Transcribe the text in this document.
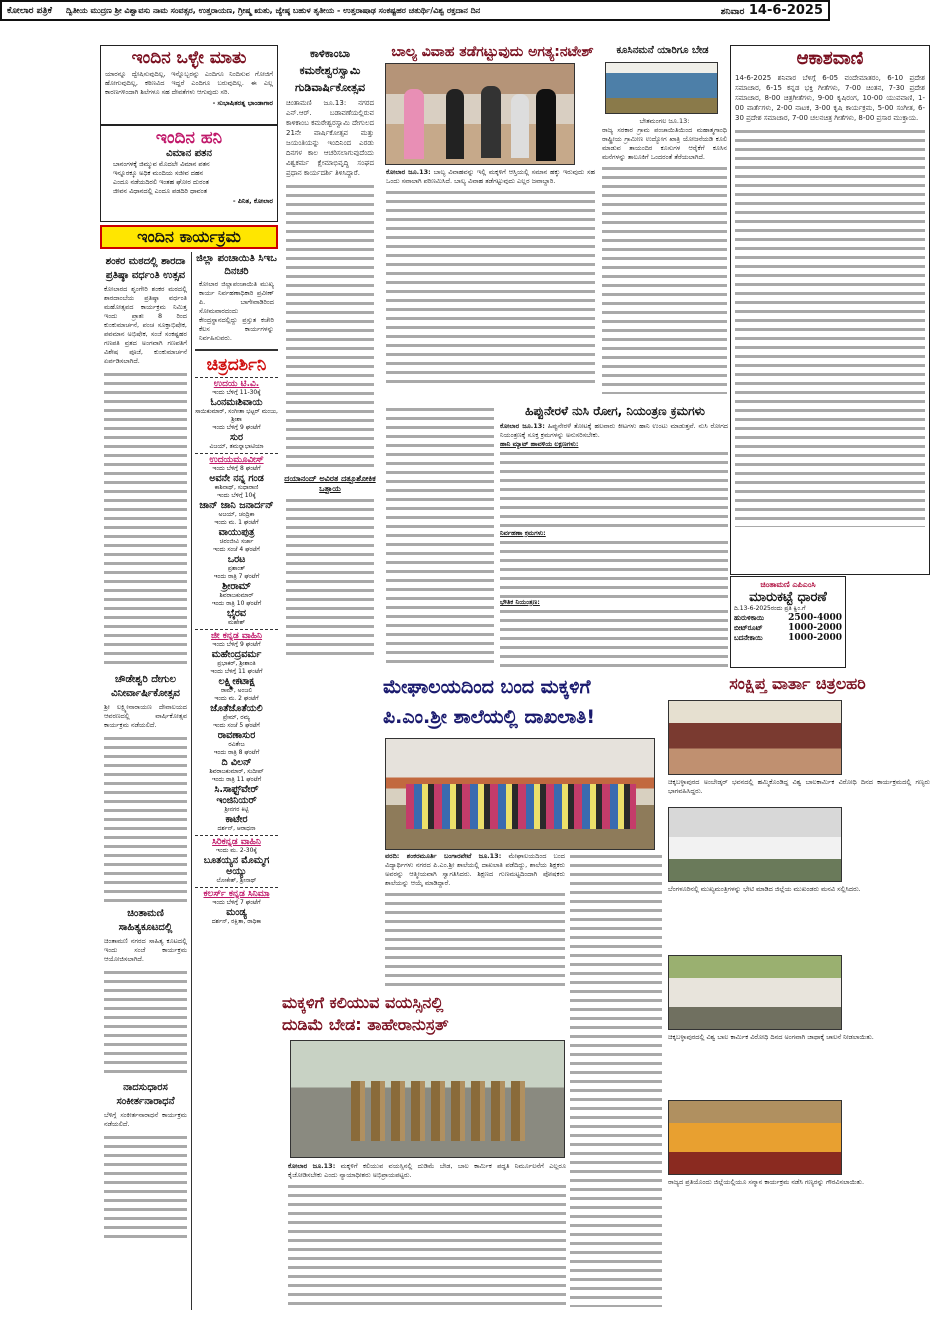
ಕೋಲಾರ ಪತ್ರಿಕೆ ದ್ವಿತೀಯ ಮುದ್ರಣ ಶ್ರೀ ವಿಶ್ವಾವಸು ನಾಮ ಸಂವತ್ಸರ, ಉತ್ತರಾಯಣ, ಗ್ರೀಷ್ಮ ಋತು, ಜ್ಯೇಷ್ಠ ಬಹುಳ ತೃತೀಯ - ಉತ್ತರಾಷಾಢ ಸಂಕಷ್ಟಹರ ಚತುರ್ಥಿ/ವಿಶ್ವ ರಕ್ತದಾನ ದಿನ	ಶನಿವಾರ 14-6-2025
ಇಂದಿನ ಒಳ್ಳೇ ಮಾತು
ಯಾರನ್ನೂ ದ್ವೇಷಿಸುವುದಿಲ್ಲ, ಇನ್ನೊಬ್ಬರನ್ನು ಎಂದಿಗೂ ನಿಂದಿಸುವ ಗೋಜಿಗೆ ಹೋಗುವುದಿಲ್ಲ, ಕಠಿಣವಿದ ಇದ್ದರೆ ಎಂದಿಗೂ ಬರುವುದಿಲ್ಲ. ಈ ಎಲ್ಲ ಕಾರಣಗಳಿಂದಾಗಿ ಶಿಲೆಗಳೂ ಸಹ ದೇವತೆಗಳು ಆಗುವುದು ಸರಿ.
- ಸುಭಾಷಿತರತ್ನ ಭಾಂಡಾಗಾರ
ಇಂದಿನ ಹನಿ
ವಿಮಾನ ಪತನ
ಬಾನಂಗಳಕ್ಕೆ ಜಿಮ್ಮುವ ಮೊದಲೇ ವಿಮಾನ ಪತನ
ಇನ್ನೂರಕ್ಕೂ ಅಧಿಕ ಮಂದಿಯ ಸಜೀವ ದಹನ
ಎಂದೂ ನಡೆಯದಿರಲಿ ಇಂತಹ ಘೋರ ದುರಂತ
ಜೀವನ ವಿಧಾನದಲ್ಲಿ ಎಂದೂ ಪಡದಿರಿ ಧಾವಂತ
- ಪಿನಿತ, ಕೋಲಾರ
ಇಂದಿನ ಕಾರ್ಯಕ್ರಮ
ಶಂಕರ ಮಠದಲ್ಲಿ ಶಾರದಾ ಪ್ರತಿಷ್ಠಾ ವರ್ಧಂತಿ ಉತ್ಸವ
ಕೋಲಾರದ ಶೃಂಗೇರಿ ಶಂಕರ ಮಠದಲ್ಲಿ ಶಾರದಾಂಬೆಯ ಪ್ರತಿಷ್ಠಾ ವರ್ಧಂತಿ ಮಹೋತ್ಸವದ ಕಾರ್ಯಕ್ರಮ ನಿಮಿತ್ತ ಇಂದು ಪ್ರಾತಃ 8 ರಿಂದ ಕುಂಕುಮಾರ್ಚನೆ, ಪಂಚ ಸೂಕ್ತಾಭಿಷೇಕ, ಪವಮಾನ ಅಭಿಷೇಕ, ಸಂಜೆ ಸಂಕಷ್ಟಹರ ಗಣಪತಿ ವ್ರತದ ಅಂಗವಾಗಿ ಗಣಪತಿಗೆ ವಿಶೇಷ ಪೂಜೆ, ಕುಂಕುಮಾರ್ಚನೆ ಏರ್ಪಡಿಸಲಾಗಿದೆ.
ಚೌಡೇಶ್ವರಿ ದೇಗುಲ ವಿನೀರ್ವಾರ್ಷಿಕೋತ್ಸವ
ಶ್ರೀ ಲಕ್ಷ್ಮೀನಾರಾಯಣ ದೇವಾಲಯದ ಆವರಣದಲ್ಲಿ ವಾರ್ಷಿಕೋತ್ಸವ ಕಾರ್ಯಕ್ರಮ ನಡೆಯಲಿದೆ.
ಚಿಂತಾಮಣಿ ಸಾಹಿತ್ಯಕೂಟದಲ್ಲಿ
ಚಿಂತಾಮಣಿ ನಗರದ ಸಾಹಿತ್ಯ ಕೂಟದಲ್ಲಿ ಇಂದು ಸಂಜೆ ಕಾರ್ಯಕ್ರಮ ಆಯೋಜಿಸಲಾಗಿದೆ.
ನಾದಸುಧಾರಸ ಸಂಕೀರ್ತನಾರಾಧನೆ
ಬೆಳಿಗ್ಗೆ ಸಂಕೀರ್ತನಾರಾಧನೆ ಕಾರ್ಯಕ್ರಮ ನಡೆಯಲಿದೆ.
ಜಿಲ್ಲಾ ಪಂಚಾಯಿತಿ ಸಿಇಒ ದಿನಚರಿ
ಕೋಲಾರ ಜಿಲ್ಲಾಪಂಚಾಯಿತಿ ಮುಖ್ಯ ಕಾರ್ಯ ನಿರ್ವಹಣಾಧಿಕಾರಿ ಪ್ರವೀಣ್ ಪಿ. ಬಾಗೇವಾಡಿರಿಂದ ಸೋಮವಾರದಂದು ಕೇಂದ್ರಸ್ಥಾನದಲ್ಲಿದ್ದು ಪ್ರಸ್ತುತ ಕಚೇರಿ ಕೆಲಸ ಕಾರ್ಯಗಳನ್ನು ನಿರ್ವಹಿಸುವರು.
ಚಿತ್ರದರ್ಶಿನಿ
ಉದಯ ಟಿ.ವಿ.
ಇಂದು ಬೆಳಿಗ್ಗೆ 11-30ಕ್ಕೆ
ಓಂನಮಃಶಿವಾಯ
ಸಾಯಿಕುಮಾರ್, ಸಂಗೀತಾ ಭಟ್ಟರ್ ಮಂಜು, ಶ್ರೀಶಾ
ಇಂದು ಬೆಳಿಗ್ಗೆ 9 ಘಂಟೆಗೆ
ಸುರ
ವಿಜಯ್, ತಮನ್ನಾಭಾಟಿಯಾ
ಉದಯಮೂವೀಸ್
ಇಂದು ಬೆಳಿಗ್ಗೆ 8 ಘಂಟೆಗೆ
ಅವನೇ ನನ್ನ ಗಂಡ
ಕಾಶಿನಾಥ್, ಸುಧಾರಾಣಿ
ಇಂದು ಬೆಳಿಗ್ಗೆ 10ಕ್ಕೆ
ಜಾನ್ ಜಾನಿ ಜನಾರ್ದನ್
ಅಜಯ್, ಚಂದ್ರಿಕಾ
ಇಂದು ಮ. 1 ಘಂಟೆಗೆ
ವಾಯುಪುತ್ರ
ಚಿರಂಜೀವಿ ಸರ್ಜಾ
ಇಂದು ಸಂಜೆ 4 ಘಂಟೆಗೆ
ಒರಟ
ಪ್ರಶಾಂತ್
ಇಂದು ರಾತ್ರಿ 7 ಘಂಟೆಗೆ
ಶ್ರೀರಾಮ್
ಶಿವರಾಜಕುಮಾರ್
ಇಂದು ರಾತ್ರಿ 10 ಘಂಟೆಗೆ
ಭೈರವ
ಮಹೇಶ್
ಜೀ ಕನ್ನಡ ವಾಹಿನಿ
ಇಂದು ಬೆಳಿಗ್ಗೆ 9 ಘಂಟೆಗೆ
ಮಹೇಂದ್ರವರ್ಮ
ಪ್ರಭಾಕರ್, ಶ್ರೀಶಾಂತಿ
ಇಂದು ಬೆಳಿಗ್ಗೆ 11 ಘಂಟೆಗೆ
ಲಕ್ಷ್ಮೀಕಟಾಕ್ಷ
ರಾಮ್, ಅಂಜಲಿ
ಇಂದು ಮ. 2 ಘಂಟೆಗೆ
ಜೊತೆಜೊತೆಯಲಿ
ಪ್ರೇಮ್, ರಮ್ಯ
ಇಂದು ಸಂಜೆ 5 ಘಂಟೆಗೆ
ರಾವಣಾಸುರ
ರವಿತೇಜ
ಇಂದು ರಾತ್ರಿ 8 ಘಂಟೆಗೆ
ದಿ ವಿಲನ್
ಶಿವರಾಜಕುಮಾರ್, ಸುದೀಪ್
ಇಂದು ರಾತ್ರಿ 11 ಘಂಟೆಗೆ
ಸಿ.ಸಾಫ್ಟ್‌ವೇರ್ ಇಂಜಿನಿಯರ್
ಶ್ರೀನಗರ ಕಿಟ್ಟಿ
ಕಾಟೇರ
ದರ್ಶನ್, ಆರಾಧನಾ
ಸಿರಿಕನ್ನಡ ವಾಹಿನಿ
ಇಂದು ಮ. 2-30ಕ್ಕೆ
ಬೂತಯ್ಯನ ಮೊಮ್ಮಗ ಅಯ್ಯು
ಲೋಕೇಶ್, ಶ್ರೀನಾಥ್
ಕಲರ್ಸ್ ಕನ್ನಡ ಸಿನಿಮಾ
ಇಂದು ಬೆಳಿಗ್ಗೆ 7 ಘಂಟೆಗೆ
ಮಂಡ್ಯ
ದರ್ಶನ್, ರಕ್ಷಿತಾ, ರಾಧಿಕಾ
ಕಾಳಿಕಾಂಬಾ ಕಮಠೇಶ್ವರಸ್ವಾಮಿ ಗುಡಿವಾರ್ಷಿಕೋತ್ಸವ
ಚಿಂತಾಮಣಿ ಜೂ.13: ನಗರದ ಎನ್.ಆರ್. ಬಡಾವಣೆಯಲ್ಲಿರುವ ಕಾಳಿಕಾಂಬ ಕಮಠೇಶ್ವರಸ್ವಾಮಿ ದೇಗುಲದ 21ನೇ ವಾರ್ಷಿಕೋತ್ಸವ ಮತ್ತು ಜಯಂತಿಯನ್ನು ಇಂದಿನಿಂದ ಎರಡು ದಿನಗಳ ಕಾಲ ಆಚರಿಸಲಾಗುವುದೆಂದು ವಿಶ್ವಕರ್ಮ ಕ್ಷೇಮಾಭಿವೃದ್ಧಿ ಸಂಘದ ಪ್ರಧಾನ ಕಾರ್ಯದರ್ಶಿ ತಿಳಿಸಿದ್ದಾರೆ.
ದಯಾನಂದ್ ಅವಿರತ ದತ್ತೂಶೋಕಿಕ ಒತ್ತಾಯ
ಬಾಲ್ಯ ವಿವಾಹ ತಡೆಗಟ್ಟುವುದು ಅಗತ್ಯ:ನಟೇಶ್
ಕೋಲಾರ ಜೂ.13: ಬಾಲ್ಯ ವಿವಾಹವನ್ನು ಇಲ್ಲಿ ಮಕ್ಕಳಿಗೆ ಆಸ್ತಿಯಲ್ಲಿ ಸಮಾನ ಹಕ್ಕು ಇರುವುದು ಸಹ ಒಂದು ಸವಾಲಾಗಿ ಪರಿಣಮಿಸಿದೆ. ಬಾಲ್ಯ ವಿವಾಹ ತಡೆಗಟ್ಟುವುದು ಎಲ್ಲರ ಜವಾಬ್ದಾರಿ.
ಕೂಸಿನಮನೆ ಯಾರಿಗೂ ಬೇಡ
ಬೇತಮಂಗಲ ಜೂ.13:
ರಾಜ್ಯ ಸರಕಾರ ಗ್ರಾಮ ಪಂಚಾಯಿತಿಯಿಂದ ಮಹಾತ್ಮಗಾಂಧಿ ರಾಷ್ಟ್ರೀಯ ಗ್ರಾಮೀಣ ಉದ್ಯೋಗ ಖಾತ್ರಿ ಯೋಜನೆಯಡಿ ಕೂಲಿ ಮಾಡುವ ತಾಯಂದಿರ ಕೂಸುಗಳ ಆರೈಕೆಗೆ ಕೂಸಿನ ಮನೆಗಳನ್ನು ತಾಲೂಕಿಗೆ ಒಂದರಂತೆ ತೆರೆಯಲಾಗಿದೆ.
ಹಿಪ್ಪುನೇರಳೆ ನುಸಿ ರೋಗ, ನಿಯಂತ್ರಣ ಕ್ರಮಗಳು
ಕೋಲಾರ ಜೂ.13: ಹಿಪ್ಪುನೇರಳೆ ತೋಟಕ್ಕೆ ಹಲವಾರು ಕೀಟಗಳು ಹಾನಿ ಉಂಟು ಮಾಡುತ್ತವೆ. ನುಸಿ ರೋಗದ ನಿಯಂತ್ರಣಕ್ಕೆ ಸೂಕ್ತ ಕ್ರಮಗಳನ್ನು ಅನುಸರಿಸಬೇಕು.
ಹಾನಿ ಮ್ಯಾಟ್ ಹಾವಳಿಯ ಲಕ್ಷಣಗಳು:
ನಿರ್ವಹಣಾ ಕ್ರಮಗಳು:
ಭೌತಿಕ ನಿಯಂತ್ರಣ:
ಆಕಾಶವಾಣಿ
14-6-2025 ಶನಿವಾರ ಬೆಳಿಗ್ಗೆ 6-05 ವಂದೇಮಾತರಂ, 6-10 ಪ್ರದೇಶ ಸಮಾಚಾರ, 6-15 ಕನ್ನಡ ಭಕ್ತಿ ಗೀತೆಗಳು, 7-00 ಚಿಂತನ, 7-30 ಪ್ರದೇಶ ಸಮಾಚಾರ, 8-00 ಚಿತ್ರಗೀತೆಗಳು, 9-00 ಕೃಷಿರಂಗ, 10-00 ಯುವವಾಣಿ, 1-00 ವಾರ್ತೆಗಳು, 2-00 ನಾಟಕ, 3-00 ಕೃಷಿ ಕಾರ್ಯಕ್ರಮ, 5-00 ಸಂಗೀತ, 6-30 ಪ್ರದೇಶ ಸಮಾಚಾರ, 7-00 ಚಲನಚಿತ್ರ ಗೀತೆಗಳು, 8-00 ಪ್ರಸಾರ ಮುಕ್ತಾಯ.
ಚಿಂತಾಮಣಿ ಎಪಿಎಂಸಿ
ಮಾರುಕಟ್ಟೆ ಧಾರಣೆ
ದಿ.13-6-2025ರಂದು ಪ್ರತಿ ಕ್ವಿಂ.ಗೆ
ಹುರುಳಿಕಾಯಿ	2500-4000
ಬೀಟ್‌ರೂಟ್	1000-2000
ಬದನೇಕಾಯಿ	1000-2000
ಮೇಘಾಲಯದಿಂದ ಬಂದ ಮಕ್ಕಳಿಗೆ
ಪಿ.ಎಂ.ಶ್ರೀ ಶಾಲೆಯಲ್ಲಿ ದಾಖಲಾತಿ!
ವರದಿ: ಶಂಕರಮೂರ್ತಿ ಬಂಗಾರಪೇಟೆ ಜೂ.13: ಮೇಘಾಲಯದಿಂದ ಬಂದ ವಿದ್ಯಾರ್ಥಿಗಳು ನಗರದ ಪಿ.ಎಂ.ಶ್ರೀ ಶಾಲೆಯಲ್ಲಿ ದಾಖಲಾತಿ ಪಡೆದಿದ್ದು, ಶಾಲೆಯ ಶಿಕ್ಷಕರು ಅವರನ್ನು ಆತ್ಮೀಯವಾಗಿ ಸ್ವಾಗತಿಸಿದರು. ಶಿಕ್ಷಣದ ಗುಣಮಟ್ಟದಿಂದಾಗಿ ಪೋಷಕರು ಶಾಲೆಯನ್ನು ಆಯ್ಕೆ ಮಾಡಿದ್ದಾರೆ.
ಮಕ್ಕಳಿಗೆ ಕಲಿಯುವ ವಯಸ್ಸಿನಲ್ಲಿ
ದುಡಿಮೆ ಬೇಡ: ತಾಹೇರಾನುಸ್ರತ್
ಕೋಲಾರ ಜೂ.13: ಮಕ್ಕಳಿಗೆ ಕಲಿಯುವ ವಯಸ್ಸಿನಲ್ಲಿ ದುಡಿಮೆ ಬೇಡ, ಬಾಲ ಕಾರ್ಮಿಕ ಪದ್ಧತಿ ನಿರ್ಮೂಲನೆಗೆ ಎಲ್ಲರೂ ಕೈಜೋಡಿಸಬೇಕು ಎಂದು ನ್ಯಾಯಾಧೀಶರು ಅಭಿಪ್ರಾಯಪಟ್ಟರು.
ಸಂಕ್ಷಿಪ್ತ ವಾರ್ತಾ ಚಿತ್ರಲಹರಿ
ಚಿಕ್ಕಬಳ್ಳಾಪುರದ ಅಂಬೇಡ್ಕರ್ ಭವನದಲ್ಲಿ ಹಮ್ಮಿಕೊಂಡಿದ್ದ ವಿಶ್ವ ಬಾಲಕಾರ್ಮಿಕ ವಿರೋಧಿ ದಿನದ ಕಾರ್ಯಕ್ರಮದಲ್ಲಿ ಗಣ್ಯರು ಭಾಗವಹಿಸಿದ್ದರು.
ಬೆಂಗಳೂರಿನಲ್ಲಿ ಮುಖ್ಯಮಂತ್ರಿಗಳನ್ನು ಭೇಟಿ ಮಾಡಿದ ಜಿಲ್ಲೆಯ ಮುಖಂಡರು ಮನವಿ ಸಲ್ಲಿಸಿದರು.
ಚಿಕ್ಕಬಳ್ಳಾಪುರದಲ್ಲಿ ವಿಶ್ವ ಬಾಲ ಕಾರ್ಮಿಕ ವಿರೋಧಿ ದಿನದ ಅಂಗವಾಗಿ ಜಾಥಾಕ್ಕೆ ಚಾಲನೆ ನೀಡಲಾಯಿತು.
ರಾಜ್ಯದ ಪ್ರತಿಯೊಂದು ಜಿಲ್ಲೆಯಲ್ಲಿಯೂ ಸನ್ಮಾನ ಕಾರ್ಯಕ್ರಮ ನಡೆಸಿ ಗಣ್ಯರನ್ನು ಗೌರವಿಸಲಾಯಿತು.
